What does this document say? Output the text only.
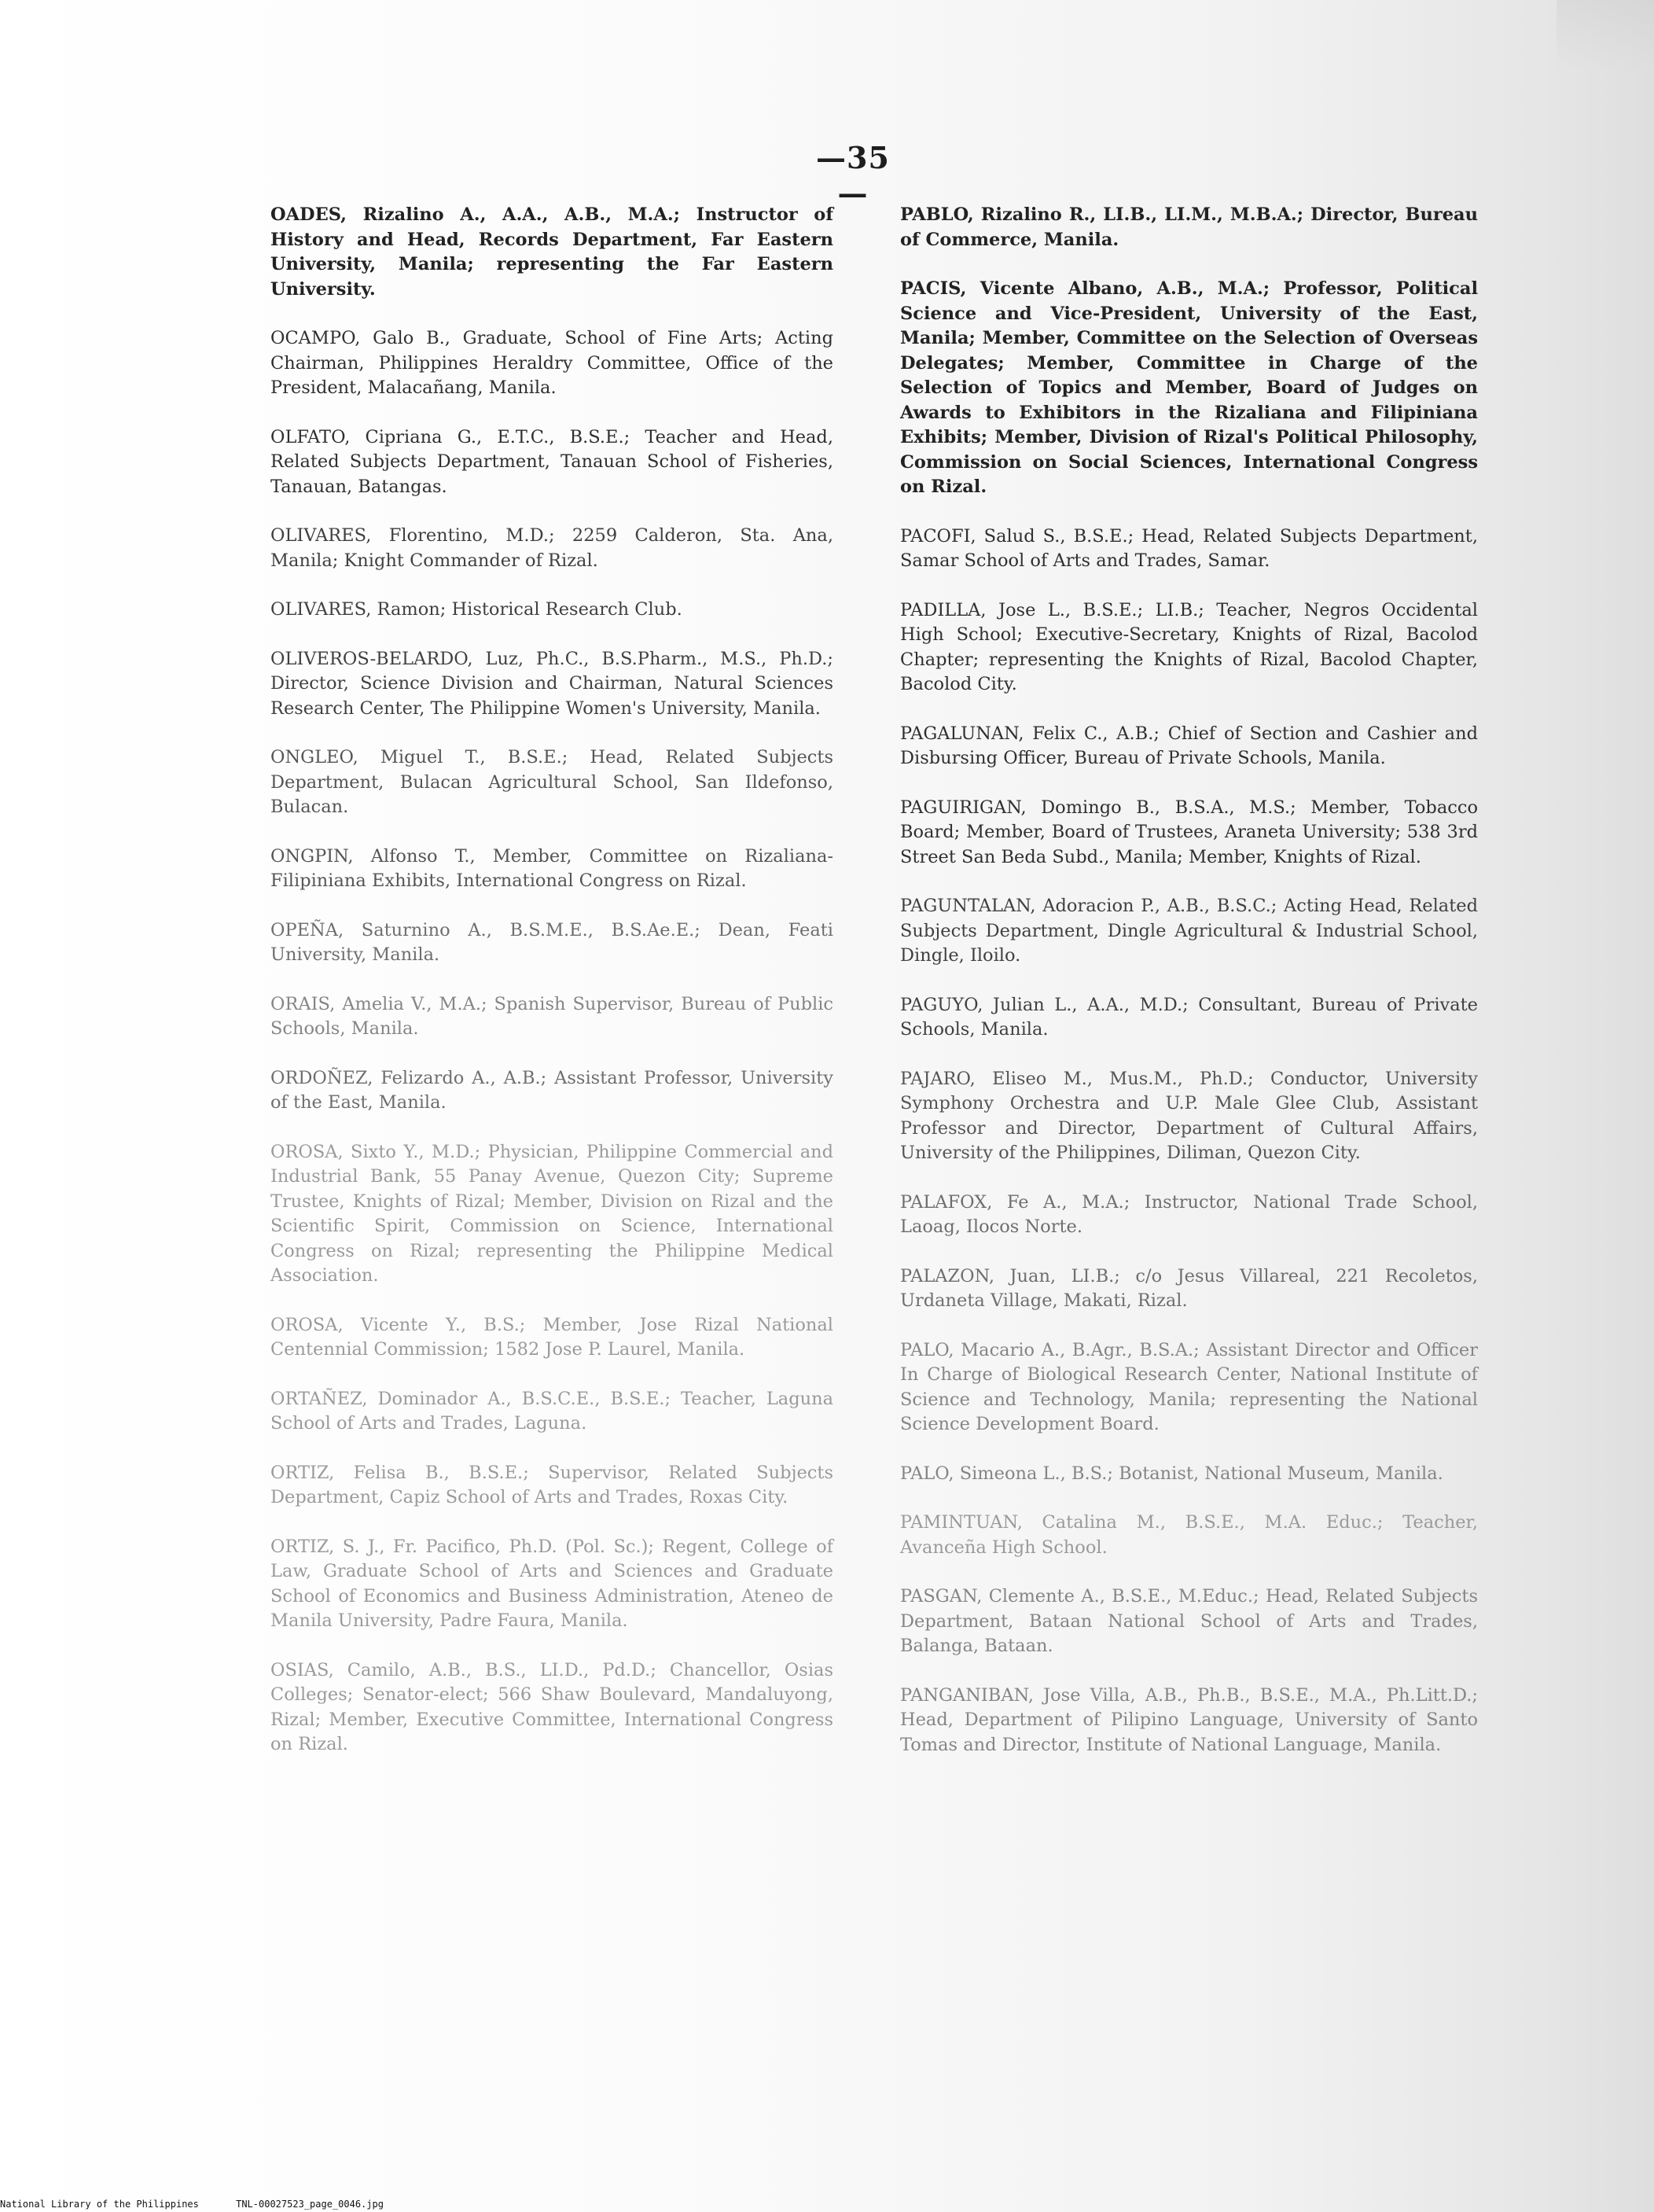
—35—

OADES, Rizalino A., A.A., A.B., M.A.; Instructor of History and Head, Records Department, Far Eastern University, Manila; representing the Far Eastern University.

OCAMPO, Galo B., Graduate, School of Fine Arts; Acting Chairman, Philippines Heraldry Committee, Office of the President, Malacañang, Manila.

OLFATO, Cipriana G., E.T.C., B.S.E.; Teacher and Head, Related Subjects Department, Tanauan School of Fisheries, Tanauan, Batangas.

OLIVARES, Florentino, M.D.; 2259 Calderon, Sta. Ana, Manila; Knight Commander of Rizal.

OLIVARES, Ramon; Historical Research Club.

OLIVEROS-BELARDO, Luz, Ph.C., B.S.Pharm., M.S., Ph.D.; Director, Science Division and Chairman, Natural Sciences Research Center, The Philippine Women's University, Manila.

ONGLEO, Miguel T., B.S.E.; Head, Related Subjects Department, Bulacan Agricultural School, San Ildefonso, Bulacan.

ONGPIN, Alfonso T., Member, Committee on Rizaliana-Filipiniana Exhibits, International Congress on Rizal.

OPEÑA, Saturnino A., B.S.M.E., B.S.Ae.E.; Dean, Feati University, Manila.

ORAIS, Amelia V., M.A.; Spanish Supervisor, Bureau of Public Schools, Manila.

ORDOÑEZ, Felizardo A., A.B.; Assistant Professor, University of the East, Manila.

OROSA, Sixto Y., M.D.; Physician, Philippine Commercial and Industrial Bank, 55 Panay Avenue, Quezon City; Supreme Trustee, Knights of Rizal; Member, Division on Rizal and the Scientific Spirit, Commission on Science, International Congress on Rizal; representing the Philippine Medical Association.

OROSA, Vicente Y., B.S.; Member, Jose Rizal National Centennial Commission; 1582 Jose P. Laurel, Manila.

ORTAÑEZ, Dominador A., B.S.C.E., B.S.E.; Teacher, Laguna School of Arts and Trades, Laguna.

ORTIZ, Felisa B., B.S.E.; Supervisor, Related Subjects Department, Capiz School of Arts and Trades, Roxas City.

ORTIZ, S. J., Fr. Pacifico, Ph.D. (Pol. Sc.); Regent, College of Law, Graduate School of Arts and Sciences and Graduate School of Economics and Business Administration, Ateneo de Manila University, Padre Faura, Manila.

OSIAS, Camilo, A.B., B.S., LI.D., Pd.D.; Chancellor, Osias Colleges; Senator-elect; 566 Shaw Boulevard, Mandaluyong, Rizal; Member, Executive Committee, International Congress on Rizal.

PABLO, Rizalino R., LI.B., LI.M., M.B.A.; Director, Bureau of Commerce, Manila.

PACIS, Vicente Albano, A.B., M.A.; Professor, Political Science and Vice-President, University of the East, Manila; Member, Committee on the Selection of Overseas Delegates; Member, Committee in Charge of the Selection of Topics and Member, Board of Judges on Awards to Exhibitors in the Rizaliana and Filipiniana Exhibits; Member, Division of Rizal's Political Philosophy, Commission on Social Sciences, International Congress on Rizal.

PACOFI, Salud S., B.S.E.; Head, Related Subjects Department, Samar School of Arts and Trades, Samar.

PADILLA, Jose L., B.S.E.; LI.B.; Teacher, Negros Occidental High School; Executive-Secretary, Knights of Rizal, Bacolod Chapter; representing the Knights of Rizal, Bacolod Chapter, Bacolod City.

PAGALUNAN, Felix C., A.B.; Chief of Section and Cashier and Disbursing Officer, Bureau of Private Schools, Manila.

PAGUIRIGAN, Domingo B., B.S.A., M.S.; Member, Tobacco Board; Member, Board of Trustees, Araneta University; 538 3rd Street San Beda Subd., Manila; Member, Knights of Rizal.

PAGUNTALAN, Adoracion P., A.B., B.S.C.; Acting Head, Related Subjects Department, Dingle Agricultural & Industrial School, Dingle, Iloilo.

PAGUYO, Julian L., A.A., M.D.; Consultant, Bureau of Private Schools, Manila.

PAJARO, Eliseo M., Mus.M., Ph.D.; Conductor, University Symphony Orchestra and U.P. Male Glee Club, Assistant Professor and Director, Department of Cultural Affairs, University of the Philippines, Diliman, Quezon City.

PALAFOX, Fe A., M.A.; Instructor, National Trade School, Laoag, Ilocos Norte.

PALAZON, Juan, LI.B.; c/o Jesus Villareal, 221 Recoletos, Urdaneta Village, Makati, Rizal.

PALO, Macario A., B.Agr., B.S.A.; Assistant Director and Officer In Charge of Biological Research Center, National Institute of Science and Technology, Manila; representing the National Science Development Board.

PALO, Simeona L., B.S.; Botanist, National Museum, Manila.

PAMINTUAN, Catalina M., B.S.E., M.A. Educ.; Teacher, Avanceña High School.

PASGAN, Clemente A., B.S.E., M.Educ.; Head, Related Subjects Department, Bataan National School of Arts and Trades, Balanga, Bataan.

PANGANIBAN, Jose Villa, A.B., Ph.B., B.S.E., M.A., Ph.Litt.D.; Head, Department of Pilipino Language, University of Santo Tomas and Director, Institute of National Language, Manila.

National Library of the Philippines	TNL-00027523_page_0046.jpg
